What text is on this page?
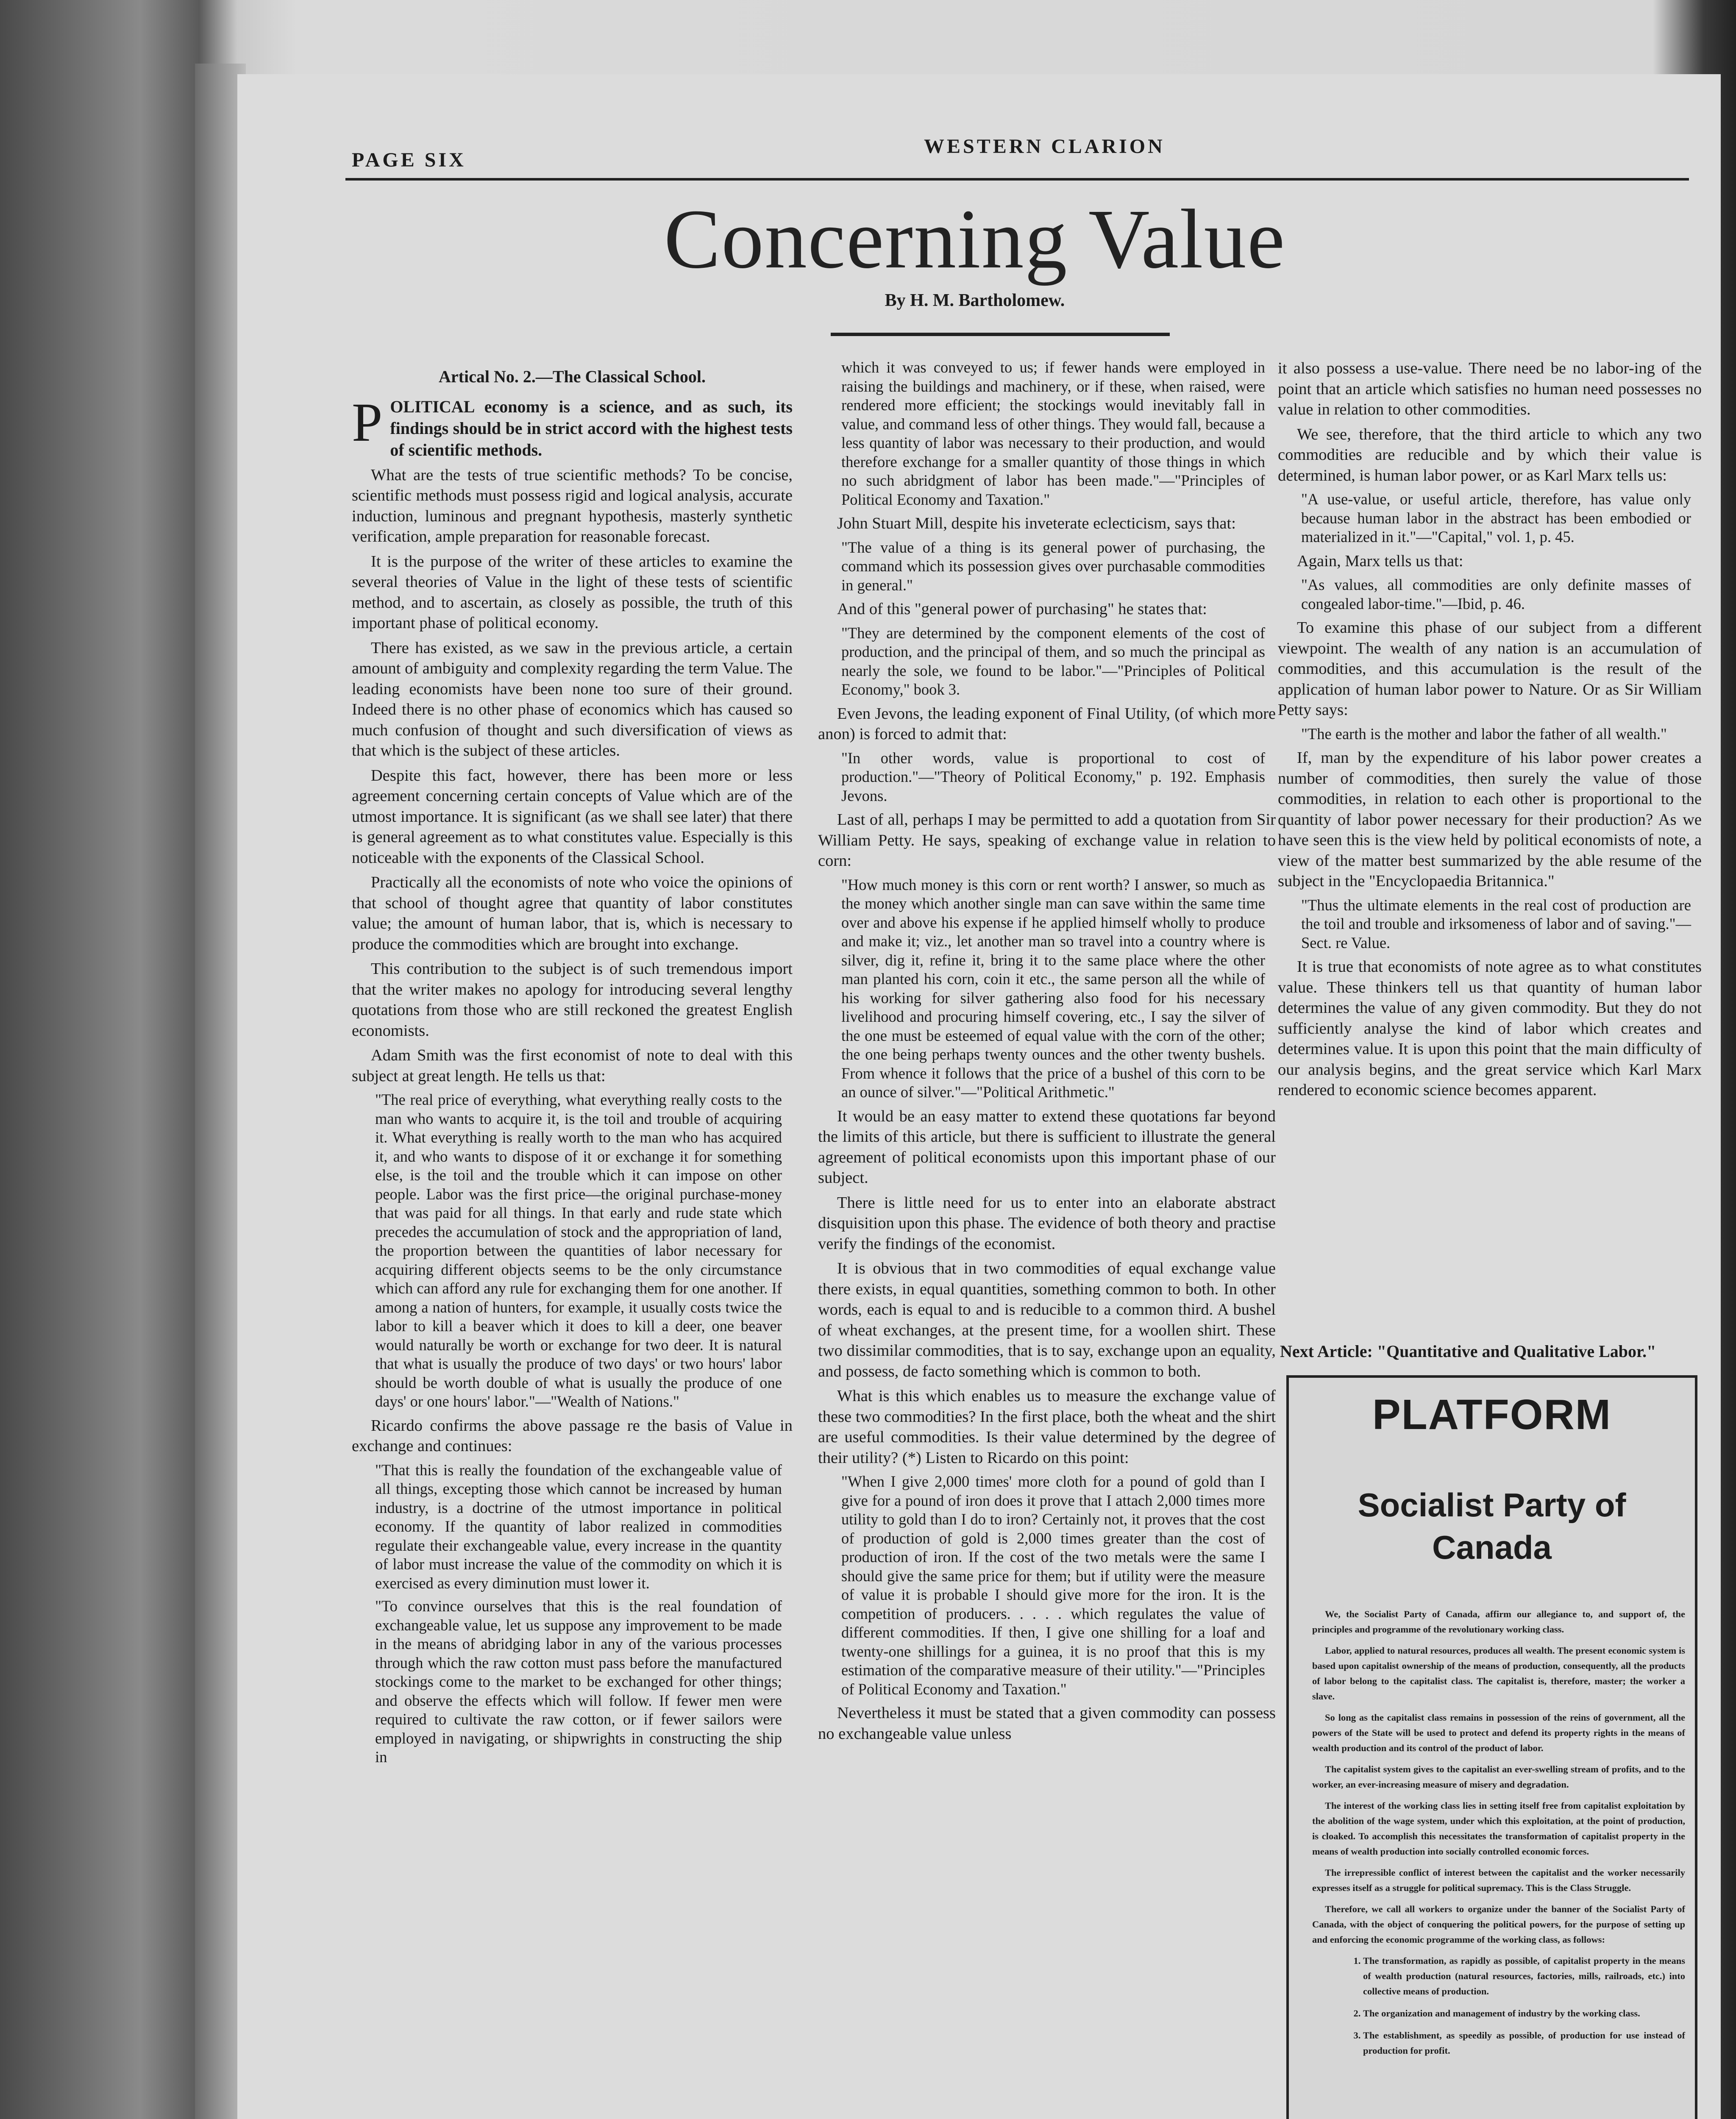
PAGE SIX
WESTERN CLARION
Concerning Value
By H. M. Bartholomew.
Artical No. 2.—The Classical School.

POLITICAL economy is a science, and as such, its findings should be in strict accord with the highest tests of scientific methods.

What are the tests of true scientific methods? To be concise, scientific methods must possess rigid and logical analysis, accurate induction, luminous and pregnant hypothesis, masterly synthetic verification, ample preparation for reasonable forecast.

It is the purpose of the writer of these articles to examine the several theories of Value in the light of these tests of scientific method, and to ascertain, as closely as possible, the truth of this important phase of political economy.

There has existed, as we saw in the previous article, a certain amount of ambiguity and complexity regarding the term Value. The leading economists have been none too sure of their ground. Indeed there is no other phase of economics which has caused so much confusion of thought and such diversification of views as that which is the subject of these articles.

Despite this fact, however, there has been more or less agreement concerning certain concepts of Value which are of the utmost importance. It is significant (as we shall see later) that there is general agreement as to what constitutes value. Especially is this noticeable with the exponents of the Classical School.

Practically all the economists of note who voice the opinions of that school of thought agree that quantity of labor constitutes value; the amount of human labor, that is, which is necessary to produce the commodities which are brought into exchange.

This contribution to the subject is of such tremendous import that the writer makes no apology for introducing several lengthy quotations from those who are still reckoned the greatest English economists.

Adam Smith was the first economist of note to deal with this subject at great length. He tells us that:

"The real price of everything, what everything really costs to the man who wants to acquire it, is the toil and trouble of acquiring it. What everything is really worth to the man who has acquired it, and who wants to dispose of it or exchange it for something else, is the toil and the trouble which it can impose on other people. Labor was the first price—the original purchase-money that was paid for all things. In that early and rude state which precedes the accumulation of stock and the appropriation of land, the proportion between the quantities of labor necessary for acquiring different objects seems to be the only circumstance which can afford any rule for exchanging them for one another. If among a nation of hunters, for example, it usually costs twice the labor to kill a beaver which it does to kill a deer, one beaver would naturally be worth or exchange for two deer. It is natural that what is usually the produce of two days' or two hours' labor should be worth double of what is usually the produce of one days' or one hours' labor."—"Wealth of Nations."

Ricardo confirms the above passage re the basis of Value in exchange and continues:

"That this is really the foundation of the exchangeable value of all things, excepting those which cannot be increased by human industry, is a doctrine of the utmost importance in political economy. If the quantity of labor realized in commodities regulate their exchangeable value, every increase in the quantity of labor must increase the value of the commodity on which it is exercised as every diminution must lower it.

"To convince ourselves that this is the real foundation of exchangeable value, let us suppose any improvement to be made in the means of abridging labor in any of the various processes through which the raw cotton must pass before the manufactured stockings come to the market to be exchanged for other things; and observe the effects which will follow. If fewer men were required to cultivate the raw cotton, or if fewer sailors were employed in navigating, or shipwrights in constructing the ship in

which it was conveyed to us; if fewer hands were employed in raising the buildings and machinery, or if these, when raised, were rendered more efficient; the stockings would inevitably fall in value, and command less of other things. They would fall, because a less quantity of labor was necessary to their production, and would therefore exchange for a smaller quantity of those things in which no such abridgment of labor has been made."—"Principles of Political Economy and Taxation."

John Stuart Mill, despite his inveterate eclecticism, says that:

"The value of a thing is its general power of purchasing, the command which its possession gives over purchasable commodities in general."

And of this "general power of purchasing" he states that:

"They are determined by the component elements of the cost of production, and the principal of them, and so much the principal as nearly the sole, we found to be labor."—"Principles of Political Economy," book 3.

Even Jevons, the leading exponent of Final Utility, (of which more anon) is forced to admit that:

"In other words, value is proportional to cost of production."—"Theory of Political Economy," p. 192. Emphasis Jevons.

Last of all, perhaps I may be permitted to add a quotation from Sir William Petty. He says, speaking of exchange value in relation to corn:

"How much money is this corn or rent worth? I answer, so much as the money which another single man can save within the same time over and above his expense if he applied himself wholly to produce and make it; viz., let another man so travel into a country where is silver, dig it, refine it, bring it to the same place where the other man planted his corn, coin it etc., the same person all the while of his working for silver gathering also food for his necessary livelihood and procuring himself covering, etc., I say the silver of the one must be esteemed of equal value with the corn of the other; the one being perhaps twenty ounces and the other twenty bushels. From whence it follows that the price of a bushel of this corn to be an ounce of silver."—"Political Arithmetic."

It would be an easy matter to extend these quotations far beyond the limits of this article, but there is sufficient to illustrate the general agreement of political economists upon this important phase of our subject.

There is little need for us to enter into an elaborate abstract disquisition upon this phase. The evidence of both theory and practise verify the findings of the economist.

It is obvious that in two commodities of equal exchange value there exists, in equal quantities, something common to both. In other words, each is equal to and is reducible to a common third. A bushel of wheat exchanges, at the present time, for a woollen shirt. These two dissimilar commodities, that is to say, exchange upon an equality, and possess, de facto something which is common to both.

What is this which enables us to measure the exchange value of these two commodities? In the first place, both the wheat and the shirt are useful commodities. Is their value determined by the degree of their utility? (*) Listen to Ricardo on this point:

"When I give 2,000 times' more cloth for a pound of gold than I give for a pound of iron does it prove that I attach 2,000 times more utility to gold than I do to iron? Certainly not, it proves that the cost of production of gold is 2,000 times greater than the cost of production of iron. If the cost of the two metals were the same I should give the same price for them; but if utility were the measure of value it is probable I should give more for the iron. It is the competition of producers. . . . . which regulates the value of different commodities. If then, I give one shilling for a loaf and twenty-one shillings for a guinea, it is no proof that this is my estimation of the comparative measure of their utility."—"Principles of Political Economy and Taxation."

Nevertheless it must be stated that a given commodity can possess no exchangeable value unless

it also possess a use-value. There need be no labor-ing of the point that an article which satisfies no human need possesses no value in relation to other commodities.

We see, therefore, that the third article to which any two commodities are reducible and by which their value is determined, is human labor power, or as Karl Marx tells us:

"A use-value, or useful article, therefore, has value only because human labor in the abstract has been embodied or materialized in it."—"Capital," vol. 1, p. 45.

Again, Marx tells us that:

"As values, all commodities are only definite masses of congealed labor-time."—Ibid, p. 46.

To examine this phase of our subject from a different viewpoint. The wealth of any nation is an accumulation of commodities, and this accumulation is the result of the application of human labor power to Nature. Or as Sir William Petty says:

"The earth is the mother and labor the father of all wealth."

If, man by the expenditure of his labor power creates a number of commodities, then surely the value of those commodities, in relation to each other is proportional to the quantity of labor power necessary for their production? As we have seen this is the view held by political economists of note, a view of the matter best summarized by the able resume of the subject in the "Encyclopaedia Britannica."

"Thus the ultimate elements in the real cost of production are the toil and trouble and irksomeness of labor and of saving."—Sect. re Value.

It is true that economists of note agree as to what constitutes value. These thinkers tell us that quantity of human labor determines the value of any given commodity. But they do not sufficiently analyse the kind of labor which creates and determines value. It is upon this point that the main difficulty of our analysis begins, and the great service which Karl Marx rendered to economic science becomes apparent.

Next Article: "Quantitative and Qualitative Labor."
PLATFORM
Socialist Party of
Canada

We, the Socialist Party of Canada, affirm our allegiance to, and support of, the principles and programme of the revolutionary working class.

Labor, applied to natural resources, produces all wealth. The present economic system is based upon capitalist ownership of the means of production, consequently, all the products of labor belong to the capitalist class. The capitalist is, therefore, master; the worker a slave.

So long as the capitalist class remains in possession of the reins of government, all the powers of the State will be used to protect and defend its property rights in the means of wealth production and its control of the product of labor.

The capitalist system gives to the capitalist an ever-swelling stream of profits, and to the worker, an ever-increasing measure of misery and degradation.

The interest of the working class lies in setting itself free from capitalist exploitation by the abolition of the wage system, under which this exploitation, at the point of production, is cloaked. To accomplish this necessitates the transformation of capitalist property in the means of wealth production into socially controlled economic forces.

The irrepressible conflict of interest between the capitalist and the worker necessarily expresses itself as a struggle for political supremacy. This is the Class Struggle.

Therefore, we call all workers to organize under the banner of the Socialist Party of Canada, with the object of conquering the political powers, for the purpose of setting up and enforcing the economic programme of the working class, as follows:

1. The transformation, as rapidly as possible, of capitalist property in the means of wealth production (natural resources, factories, mills, railroads, etc.) into collective means of production.
2. The organization and management of industry by the working class.
3. The establishment, as speedily as possible, of production for use instead of production for profit.
